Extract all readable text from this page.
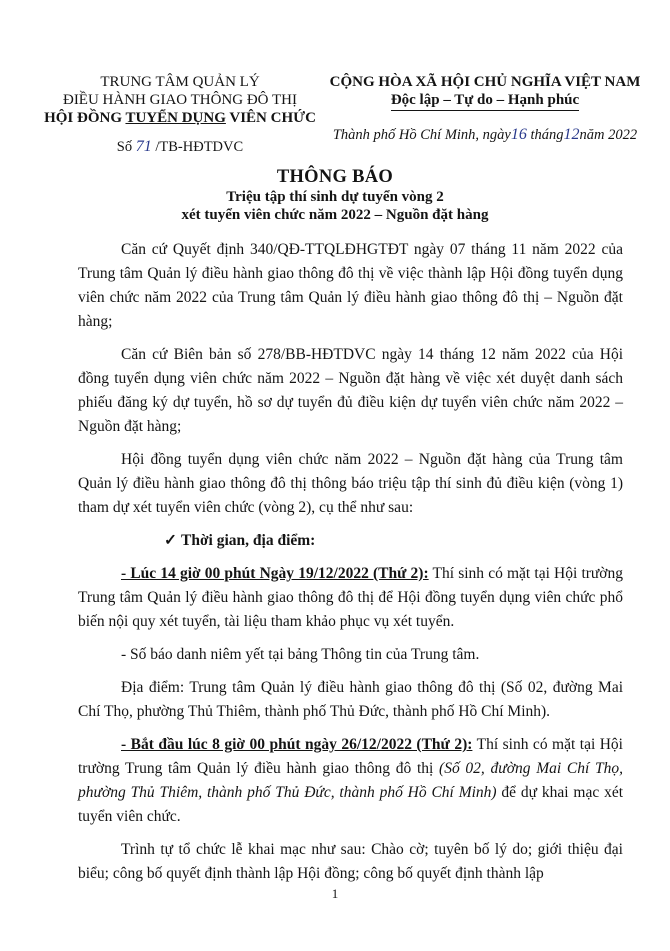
TRUNG TÂM QUẢN LÝ
ĐIỀU HÀNH GIAO THÔNG ĐÔ THỊ
HỘI ĐỒNG TUYỂN DỤNG VIÊN CHỨC
Số 71 /TB-HĐTDVC
CỘNG HÒA XÃ HỘI CHỦ NGHĨA VIỆT NAM
Độc lập – Tự do – Hạnh phúc
Thành phố Hồ Chí Minh, ngày16 tháng12năm 2022
THÔNG BÁO
Triệu tập thí sinh dự tuyển vòng 2
xét tuyển viên chức năm 2022 – Nguồn đặt hàng

Căn cứ Quyết định 340/QĐ-TTQLĐHGTĐT ngày 07 tháng 11 năm 2022 của Trung tâm Quản lý điều hành giao thông đô thị về việc thành lập Hội đồng tuyển dụng viên chức năm 2022 của Trung tâm Quản lý điều hành giao thông đô thị – Nguồn đặt hàng;

Căn cứ Biên bản số 278/BB-HĐTDVC ngày 14 tháng 12 năm 2022 của Hội đồng tuyển dụng viên chức năm 2022 – Nguồn đặt hàng về việc xét duyệt danh sách phiếu đăng ký dự tuyển, hồ sơ dự tuyển đủ điều kiện dự tuyển viên chức năm 2022 – Nguồn đặt hàng;

Hội đồng tuyển dụng viên chức năm 2022 – Nguồn đặt hàng của Trung tâm Quản lý điều hành giao thông đô thị thông báo triệu tập thí sinh đủ điều kiện (vòng 1) tham dự xét tuyển viên chức (vòng 2), cụ thể như sau:

✓ Thời gian, địa điểm:

- Lúc 14 giờ 00 phút Ngày 19/12/2022 (Thứ 2): Thí sinh có mặt tại Hội trường Trung tâm Quản lý điều hành giao thông đô thị để Hội đồng tuyển dụng viên chức phổ biến nội quy xét tuyển, tài liệu tham khảo phục vụ xét tuyển.

- Số báo danh niêm yết tại bảng Thông tin của Trung tâm.

Địa điểm: Trung tâm Quản lý điều hành giao thông đô thị (Số 02, đường Mai Chí Thọ, phường Thủ Thiêm, thành phố Thủ Đức, thành phố Hồ Chí Minh).

- Bắt đầu lúc 8 giờ 00 phút ngày 26/12/2022 (Thứ 2): Thí sinh có mặt tại Hội trường Trung tâm Quản lý điều hành giao thông đô thị (Số 02, đường Mai Chí Thọ, phường Thủ Thiêm, thành phố Thủ Đức, thành phố Hồ Chí Minh) để dự khai mạc xét tuyển viên chức.

Trình tự tổ chức lễ khai mạc như sau: Chào cờ; tuyên bố lý do; giới thiệu đại biểu; công bố quyết định thành lập Hội đồng; công bố quyết định thành lập

1
